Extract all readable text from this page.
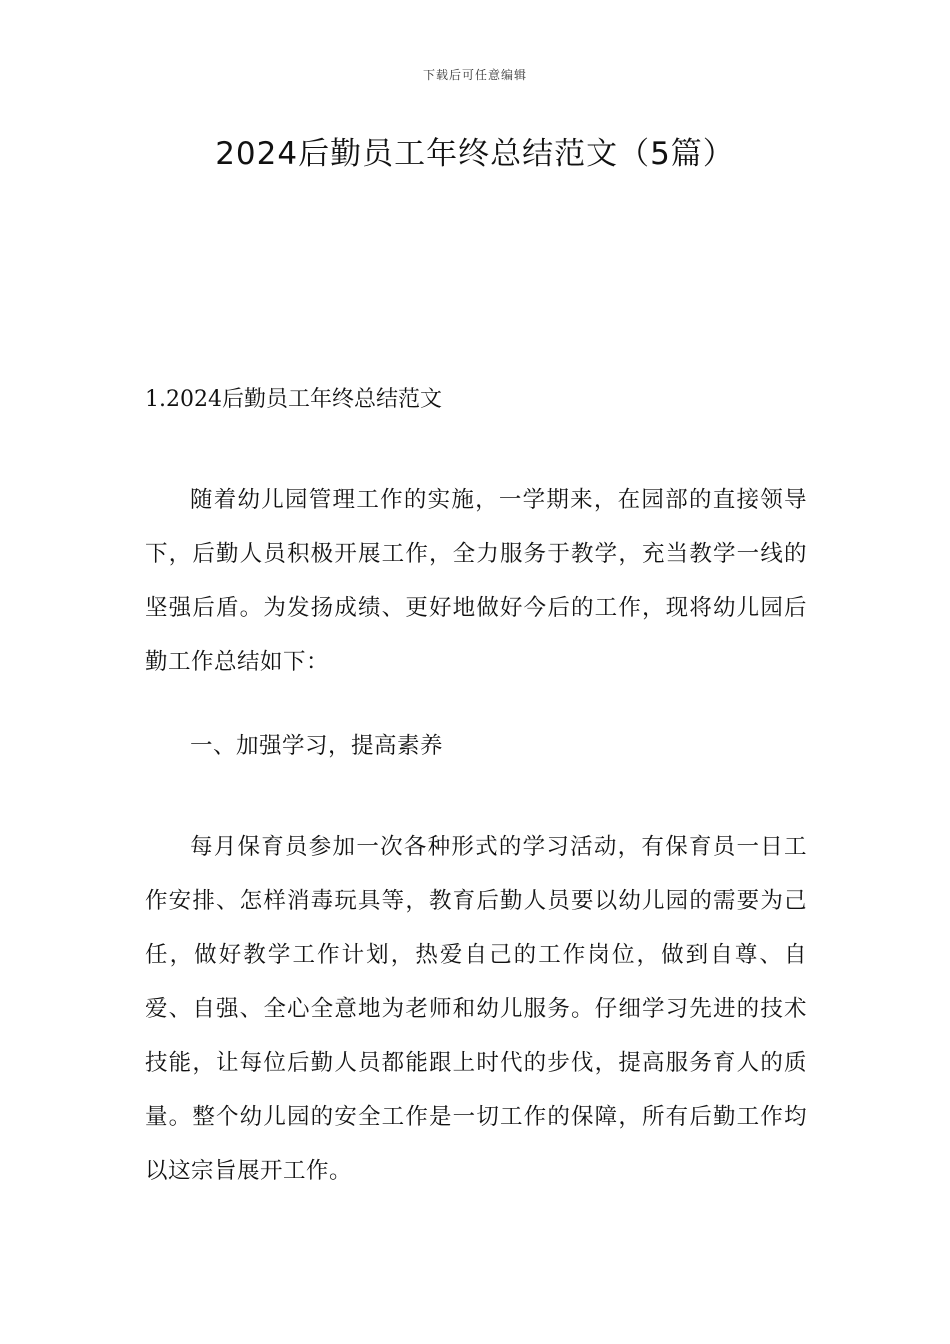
下载后可任意编辑
2024后勤员工年终总结范文（5篇）
1.2024后勤员工年终总结范文

随着幼儿园管理工作的实施，一学期来，在园部的直接领导下，后勤人员积极开展工作，全力服务于教学，充当教学一线的坚强后盾。为发扬成绩、更好地做好今后的工作，现将幼儿园后勤工作总结如下：

一、加强学习，提高素养

每月保育员参加一次各种形式的学习活动，有保育员一日工作安排、怎样消毒玩具等，教育后勤人员要以幼儿园的需要为己任，做好教学工作计划，热爱自己的工作岗位，做到自尊、自爱、自强、全心全意地为老师和幼儿服务。仔细学习先进的技术技能，让每位后勤人员都能跟上时代的步伐，提高服务育人的质量。整个幼儿园的安全工作是一切工作的保障，所有后勤工作均以这宗旨展开工作。
